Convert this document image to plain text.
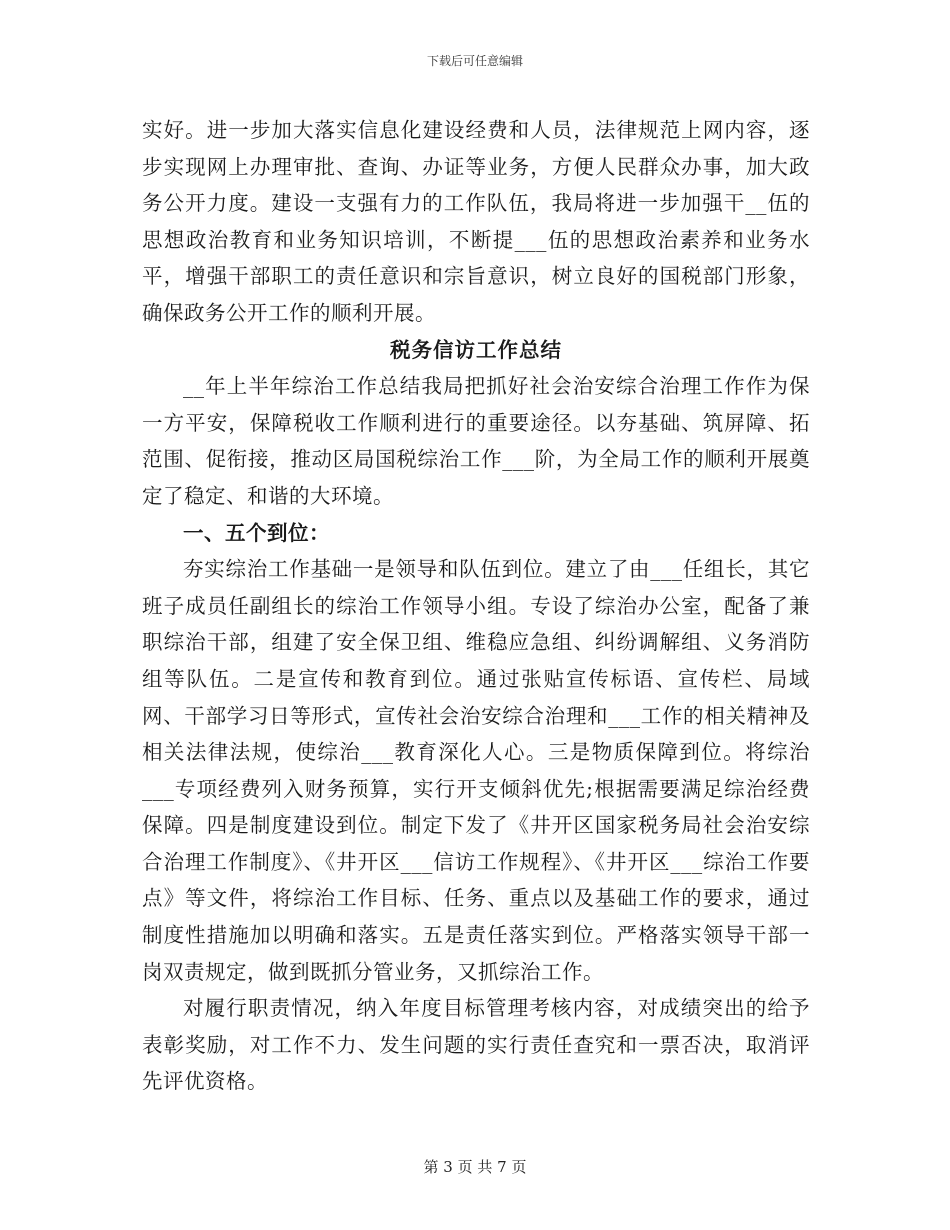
下载后可任意编辑

实好。进一步加大落实信息化建设经费和人员，法律规范上网内容，逐步实现网上办理审批、查询、办证等业务，方便人民群众办事，加大政务公开力度。建设一支强有力的工作队伍，我局将进一步加强干__伍的思想政治教育和业务知识培训，不断提___伍的思想政治素养和业务水平，增强干部职工的责任意识和宗旨意识，树立良好的国税部门形象，确保政务公开工作的顺利开展。

税务信访工作总结

__年上半年综治工作总结我局把抓好社会治安综合治理工作作为保一方平安，保障税收工作顺利进行的重要途径。以夯基础、筑屏障、拓范围、促衔接，推动区局国税综治工作___阶，为全局工作的顺利开展奠定了稳定、和谐的大环境。

一、五个到位：

夯实综治工作基础一是领导和队伍到位。建立了由___任组长，其它班子成员任副组长的综治工作领导小组。专设了综治办公室，配备了兼职综治干部，组建了安全保卫组、维稳应急组、纠纷调解组、义务消防组等队伍。二是宣传和教育到位。通过张贴宣传标语、宣传栏、局域网、干部学习日等形式，宣传社会治安综合治理和___工作的相关精神及相关法律法规，使综治___教育深化人心。三是物质保障到位。将综治___专项经费列入财务预算，实行开支倾斜优先;根据需要满足综治经费保障。四是制度建设到位。制定下发了《井开区国家税务局社会治安综合治理工作制度》、《井开区___信访工作规程》、《井开区___综治工作要点》等文件，将综治工作目标、任务、重点以及基础工作的要求，通过制度性措施加以明确和落实。五是责任落实到位。严格落实领导干部一岗双责规定，做到既抓分管业务，又抓综治工作。

对履行职责情况，纳入年度目标管理考核内容，对成绩突出的给予表彰奖励，对工作不力、发生问题的实行责任查究和一票否决，取消评先评优资格。

第 3 页 共 7 页
